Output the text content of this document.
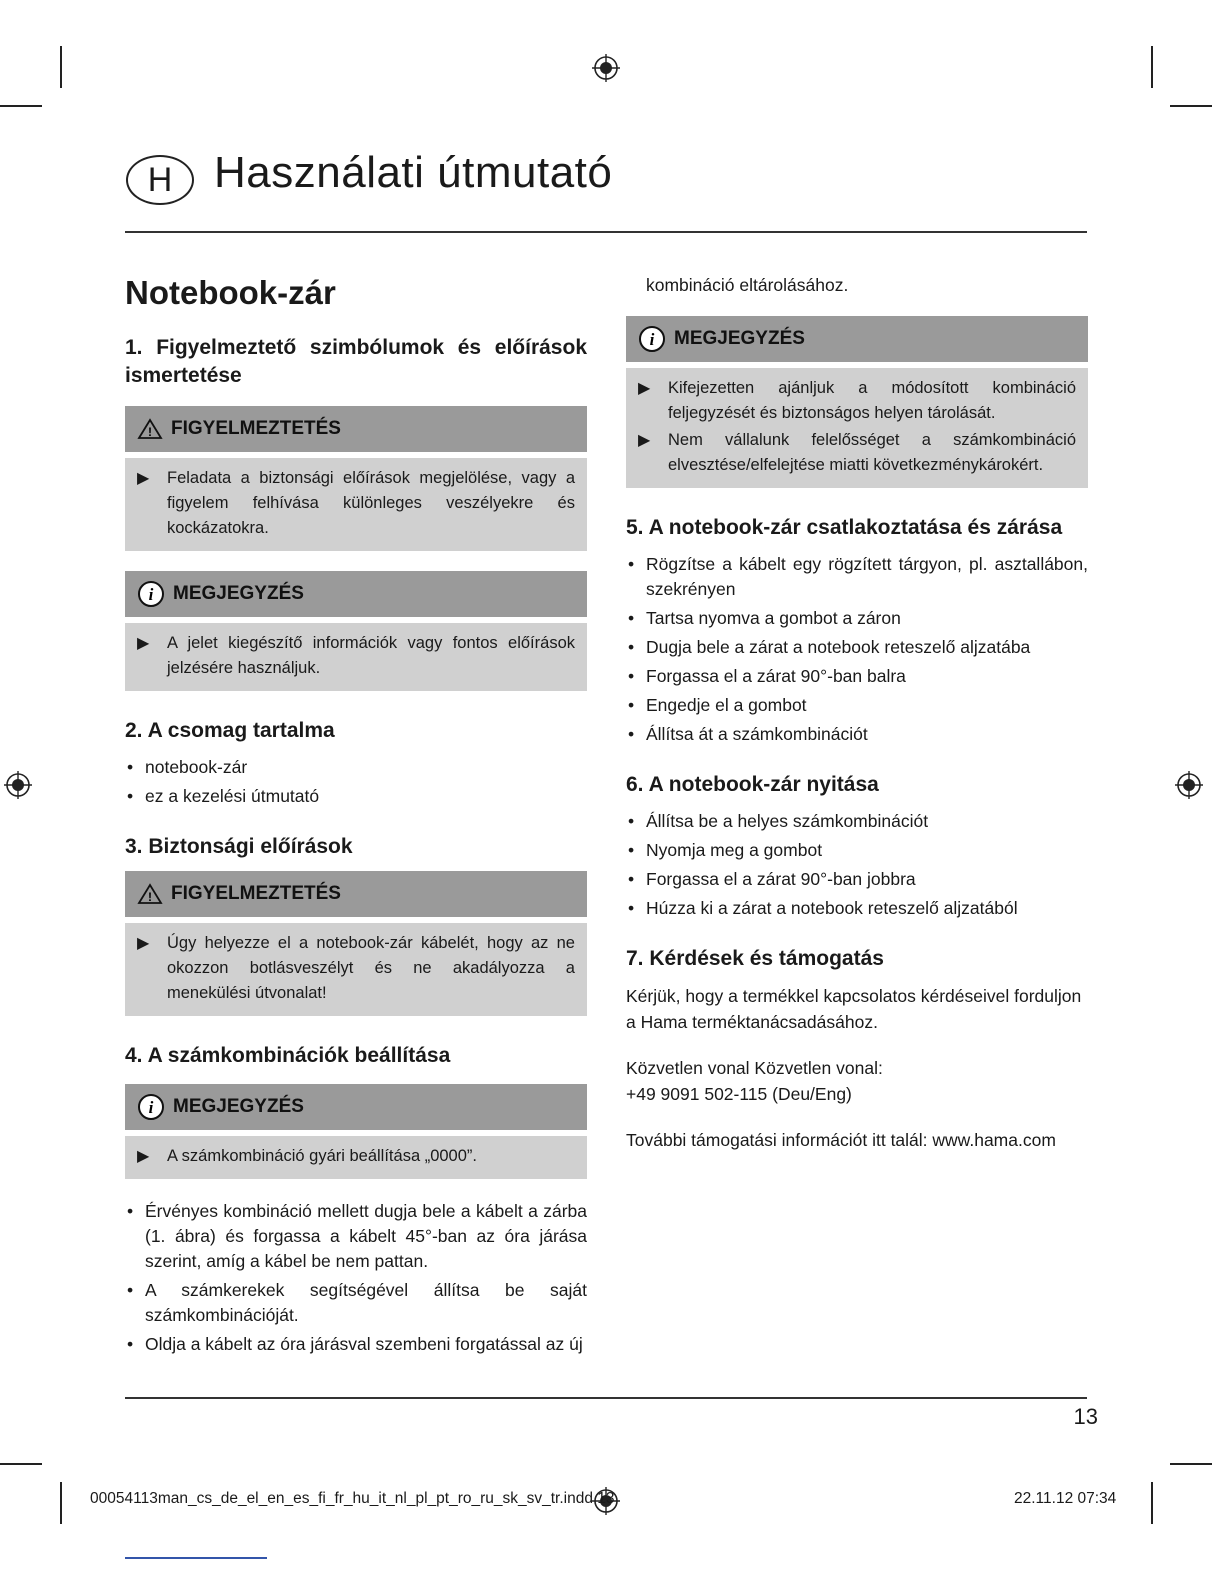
H Használati útmutató
Notebook-zár
1. Figyelmeztető szimbólumok és előírások ismertetése
! FIGYELMEZTETÉS
▶	Feladata a biztonsági előírások megjelölése, vagy a figyelem felhívása különleges veszélyekre és kockázatokra.
i MEGJEGYZÉS
▶	A jelet kiegészítő információk vagy fontos előírások jelzésére használjuk.
2. A csomag tartalma
• notebook-zár
• ez a kezelési útmutató
3. Biztonsági előírások
! FIGYELMEZTETÉS
▶	Úgy helyezze el a notebook-zár kábelét, hogy az ne okozzon botlásveszélyt és ne akadályozza a menekülési útvonalat!
4. A számkombinációk beállítása
i MEGJEGYZÉS
▶	A számkombináció gyári beállítása „0000”.
• Érvényes kombináció mellett dugja bele a kábelt a zárba (1. ábra) és forgassa a kábelt 45°-ban az óra járása szerint, amíg a kábel be nem pattan.
• A számkerekek segítségével állítsa be saját számkombinációját.
• Oldja a kábelt az óra járásval szembeni forgatással az új

kombináció eltárolásához.

i MEGJEGYZÉS
▶	Kifejezetten ajánljuk a módosított kombináció feljegyzését és biztonságos helyen tárolását.
▶	Nem vállalunk felelősséget a számkombináció elvesztése/elfelejtése miatti következménykárokért.
5. A notebook-zár csatlakoztatása és zárása
• Rögzítse a kábelt egy rögzített tárgyon, pl. asztallábon, szekrényen
• Tartsa nyomva a gombot a záron
• Dugja bele a zárat a notebook reteszelő aljzatába
• Forgassa el a zárat 90°-ban balra
• Engedje el a gombot
• Állítsa át a számkombinációt
6. A notebook-zár nyitása
• Állítsa be a helyes számkombinációt
• Nyomja meg a gombot
• Forgassa el a zárat 90°-ban jobbra
• Húzza ki a zárat a notebook reteszelő aljzatából
7. Kérdések és támogatás

Kérjük, hogy a termékkel kapcsolatos kérdéseivel forduljon a Hama terméktanácsadásához.

Közvetlen vonal Közvetlen vonal:
+49 9091 502-115 (Deu/Eng)

További támogatási információt itt talál: www.hama.com

13
00054113man_cs_de_el_en_es_fi_fr_hu_it_nl_pl_pt_ro_ru_sk_sv_tr.indd 13	22.11.12 07:34
